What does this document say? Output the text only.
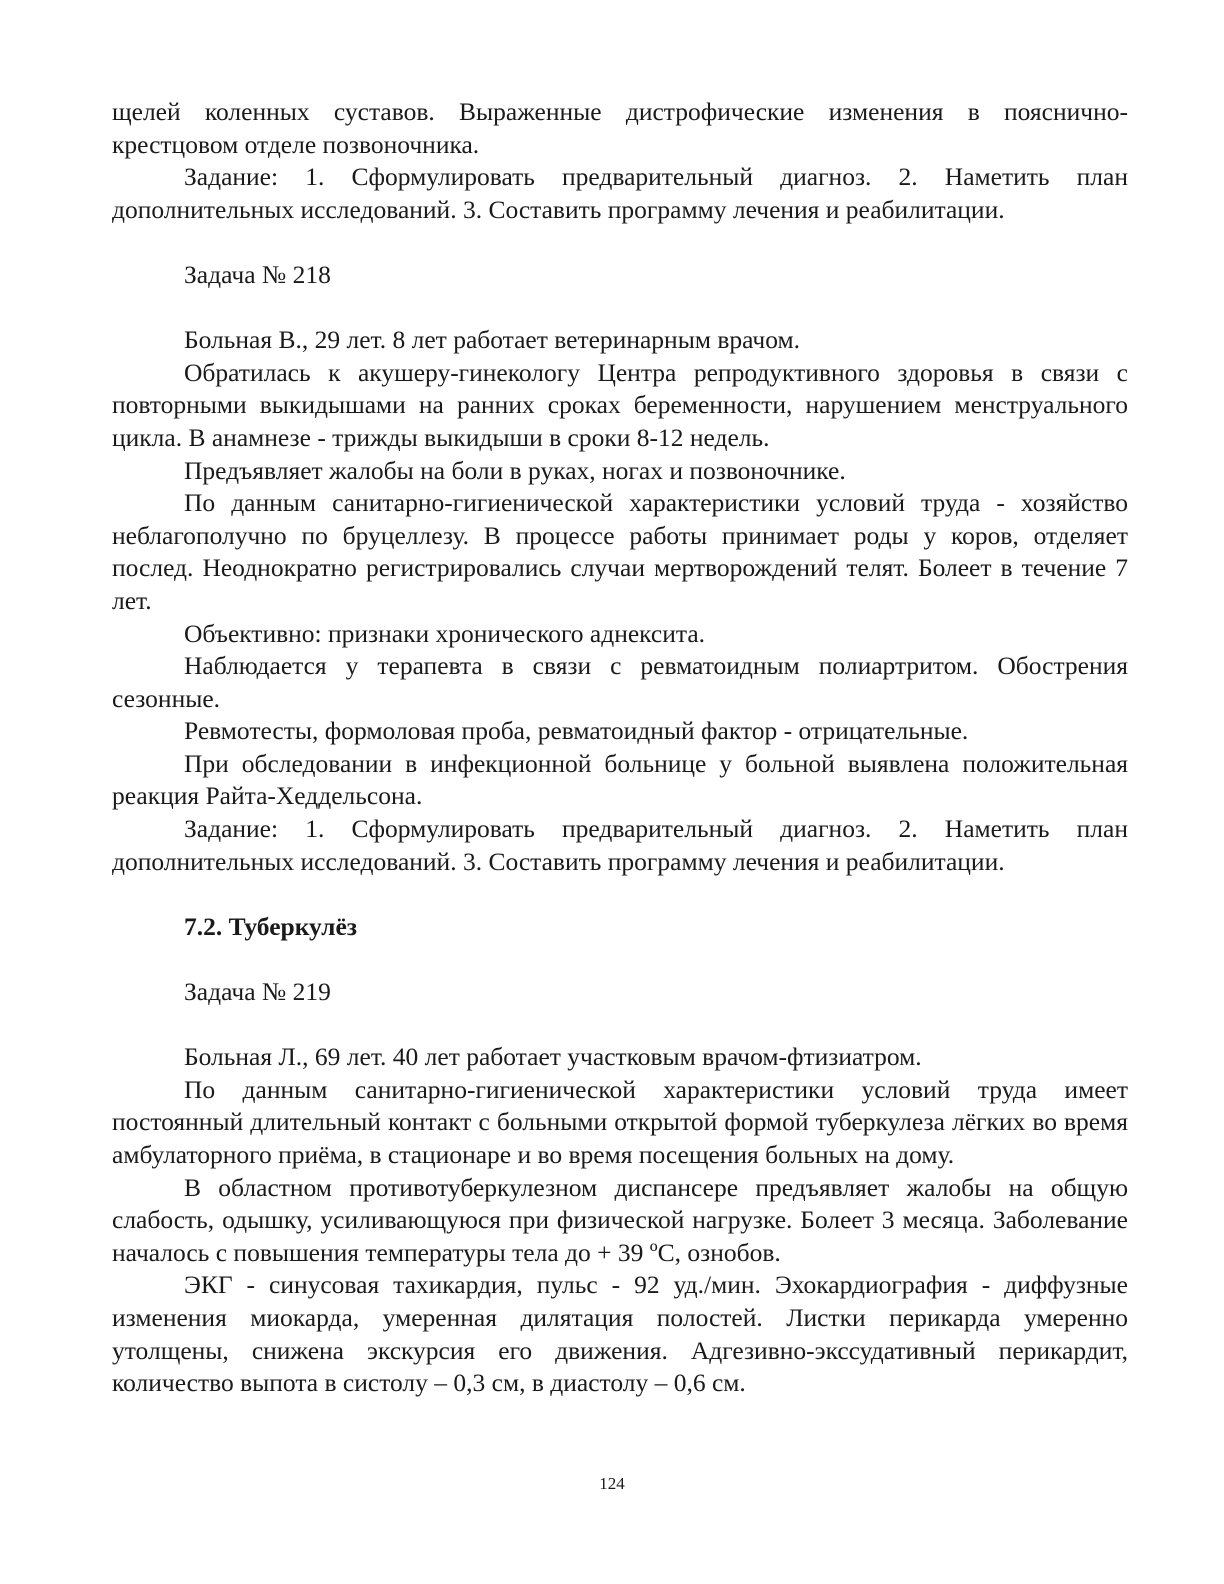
щелей коленных суставов. Выраженные дистрофические изменения в пояснично-крестцовом отделе позвоночника.

Задание: 1. Сформулировать предварительный диагноз. 2. Наметить план дополнительных исследований. 3. Составить программу лечения и реабилитации.

Задача № 218

Больная В., 29 лет. 8 лет работает ветеринарным врачом.

Обратилась к акушеру-гинекологу Центра репродуктивного здоровья в связи с повторными выкидышами на ранних сроках беременности, нарушением менструального цикла. В анамнезе - трижды выкидыши в сроки 8-12 недель.

Предъявляет жалобы на боли в руках, ногах и позвоночнике.

По данным санитарно-гигиенической характеристики условий труда - хозяйство неблагополучно по бруцеллезу. В процессе работы принимает роды у коров, отделяет послед. Неоднократно регистрировались случаи мертворождений телят. Болеет в течение 7 лет.

Объективно: признаки хронического аднексита.

Наблюдается у терапевта в связи с ревматоидным полиартритом. Обострения сезонные.

Ревмотесты, формоловая проба, ревматоидный фактор - отрицательные.

При обследовании в инфекционной больнице у больной выявлена положительная реакция Райта-Хеддельсона.

Задание: 1. Сформулировать предварительный диагноз. 2. Наметить план дополнительных исследований. 3. Составить программу лечения и реабилитации.

7.2. Туберкулёз

Задача № 219

Больная Л., 69 лет. 40 лет работает участковым врачом-фтизиатром.

По данным санитарно-гигиенической характеристики условий труда имеет постоянный длительный контакт с больными открытой формой туберкулеза лёгких во время амбулаторного приёма, в стационаре и во время посещения больных на дому.

В областном противотуберкулезном диспансере предъявляет жалобы на общую слабость, одышку, усиливающуюся при физической нагрузке. Болеет 3 месяца. Заболевание началось с повышения температуры тела до + 39 ºС, ознобов.

ЭКГ - синусовая тахикардия, пульс - 92 уд./мин. Эхокардиография - диффузные изменения миокарда, умеренная дилятация полостей. Листки перикарда умеренно утолщены, снижена экскурсия его движения. Адгезивно-экссудативный перикардит, количество выпота в систолу – 0,3 см, в диастолу – 0,6 см.

124
